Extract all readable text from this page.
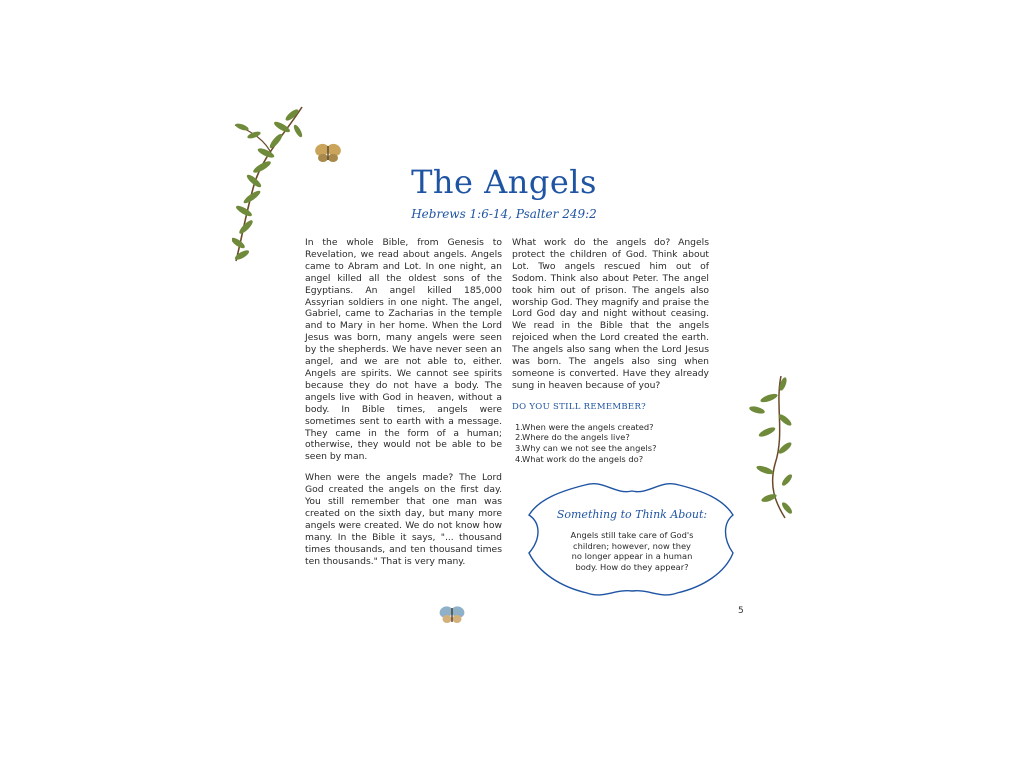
The Angels
Hebrews 1:6-14, Psalter 249:2

In the whole Bible, from Genesis to Revelation, we read about angels. Angels came to Abram and Lot. In one night, an angel killed all the oldest sons of the Egyptians. An angel killed 185,000 Assyrian soldiers in one night. The angel, Gabriel, came to Zacharias in the temple and to Mary in her home. When the Lord Jesus was born, many angels were seen by the shepherds. We have never seen an angel, and we are not able to, either. Angels are spirits. We cannot see spirits because they do not have a body. The angels live with God in heaven, without a body. In Bible times, angels were sometimes sent to earth with a message. They came in the form of a human; otherwise, they would not be able to be seen by man.

When were the angels made? The Lord God created the angels on the first day. You still remember that one man was created on the sixth day, but many more angels were created. We do not know how many. In the Bible it says, "... thousand times thousands, and ten thousand times ten thousands." That is very many.

What work do the angels do? Angels protect the children of God. Think about Lot. Two angels rescued him out of Sodom. Think also about Peter. The angel took him out of prison. The angels also worship God. They magnify and praise the Lord God day and night without ceasing. We read in the Bible that the angels rejoiced when the Lord created the earth. The angels also sang when the Lord Jesus was born. The angels also sing when someone is converted. Have they already sung in heaven because of you?

DO YOU STILL REMEMBER?
1. When were the angels created?
2. Where do the angels live?
3. Why can we not see the angels?
4. What work do the angels do?
Something to Think About:
Angels still take care of God's children; however, now they no longer appear in a human body. How do they appear?
5
